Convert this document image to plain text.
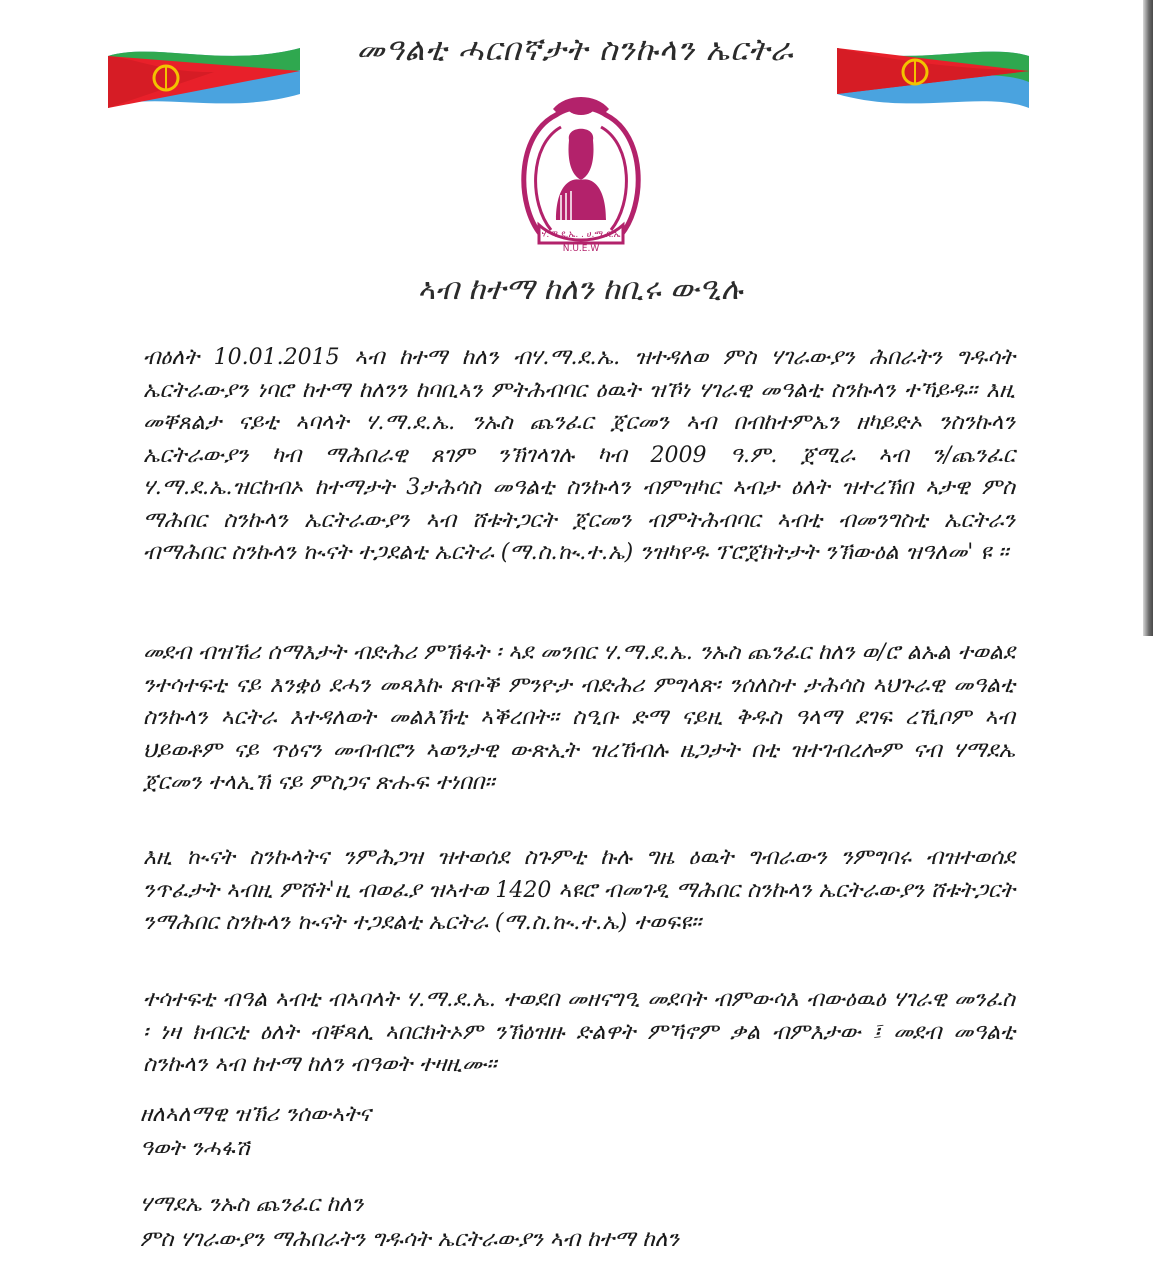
መዓልቲ ሓርበኛታት ስንኩላን ኤርትራ
ሃ.ማ.ደ.ኤ. . ሀ.ማ.ደ.ኤ
N.U.E.W
ኣብ ከተማ ከለን ከቢሩ ውዒሉ

ብዕለት 10.01.2015 ኣብ ከተማ ከለን ብሃ.ማ.ደ.ኤ. ዝተዳለወ ምስ ሃገራውያን ሕበራትን ግዱሳት ኤርትራውያን ነባሮ ከተማ ከለንን ከባቢኣን ምትሕብባር ዕዉት ዝኾነ ሃገራዊ መዓልቲ ስንኩላን ተኻይዱ። እዚ መቐጸልታ ናይቲ ኣባላት ሃ.ማ.ደ.ኤ. ንኡስ ጨንፈር ጀርመን ኣብ በብከተምኤን ዘካይድኦ ንስንኩላን ኤርትራውያን ካብ ማሕበራዊ ጸገም ንኽገላገሉ ካብ 2009 ዓ.ም. ጀሚራ ኣብ ን/ጨንፈር ሃ.ማ.ደ.ኤ.ዝርከብኦ ከተማታት 3ታሕሳስ መዓልቲ ስንኩላን ብምዝካር ኣብታ ዕለት ዝተረኽበ ኣታዊ ምስ ማሕበር ስንኩላን ኤርትራውያን ኣብ ሸቱትጋርት ጀርመን ብምትሕብባር ኣብቲ ብመንግስቲ ኤርትራን ብማሕበር ስንኩላን ኲናት ተጋደልቲ ኤርትራ (ማ.ስ.ኲ.ተ.ኤ) ንዝካየዱ ፕሮጀክትታት ንኽውዕል ዝዓለመ' ዩ ።

መደብ ብዝኽሪ ሰማእታት ብድሕሪ ምኽፋት ፡ ኣደ መንበር ሃ.ማ.ደ.ኤ. ንኡስ ጨንፈር ከለን ወ/ሮ ልኡል ተወልደ ንተሳተፍቲ ናይ እንቋዕ ደሓን መጻእኩ ጽቡቕ ምንዮታ ብድሕሪ ምግላጽ፡ ንሰለስተ ታሕሳስ ኣህጉራዊ መዓልቲ ስንኩላን ኣርትራ እተዳለወት መልእኽቲ ኣቕረበት። ስዒቡ ድማ ናይዚ ቅዱስ ዓላማ ደገፍ ረኺቦም ኣብ ህይወቶም ናይ ጥዕናን መብብሮን ኣወንታዊ ውጽኢት ዝረኸብሉ ዜጋታት በቲ ዝተገብረሎም ናብ ሃማደኤ ጀርመን ተላኢኽ ናይ ምስጋና ጽሑፍ ተነበበ።

እዚ ኲናት ስንኩላትና ንምሕጋዝ ዝተወሰደ ስጉምቲ ኩሉ ግዜ ዕዉት ግብራውን ንምግባሩ ብዝተወሰደ ንጥፈታት ኣብዚ ምሸት'ዚ ብወፈያ ዝኣተወ 1420 ኣዩሮ ብመገዲ ማሕበር ስንኩላን ኤርትራውያን ሸቱትጋርት ንማሕበር ስንኩላን ኲናት ተጋደልቲ ኤርትራ (ማ.ስ.ኲ.ተ.ኤ) ተወፍዩ።

ተሳተፍቲ ብዓል ኣብቲ ብኣባላት ሃ.ማ.ደ.ኤ. ተወደበ መዘናግዒ መደባት ብምውሳእ ብውዕዉዕ ሃገራዊ መንፈስ ፡ ነዛ ክብርቲ ዕለት ብቐጻሊ ኣበርክትኦም ንኽዕዝዙ ድልዋት ምኻኖም ቃል ብምእታው ፤ መደብ መዓልቲ ስንኩላን ኣብ ከተማ ከለን ብዓወት ተዛዚሙ።

ዘለኣለማዊ ዝኽሪ ንሰውኣትና
ዓወት ንሓፋሽ
ሃማደኤ ንኡስ ጨንፈር ከለን
ምስ ሃገራውያን ማሕበራትን ግዱሳት ኤርትራውያን ኣብ ከተማ ከለን
